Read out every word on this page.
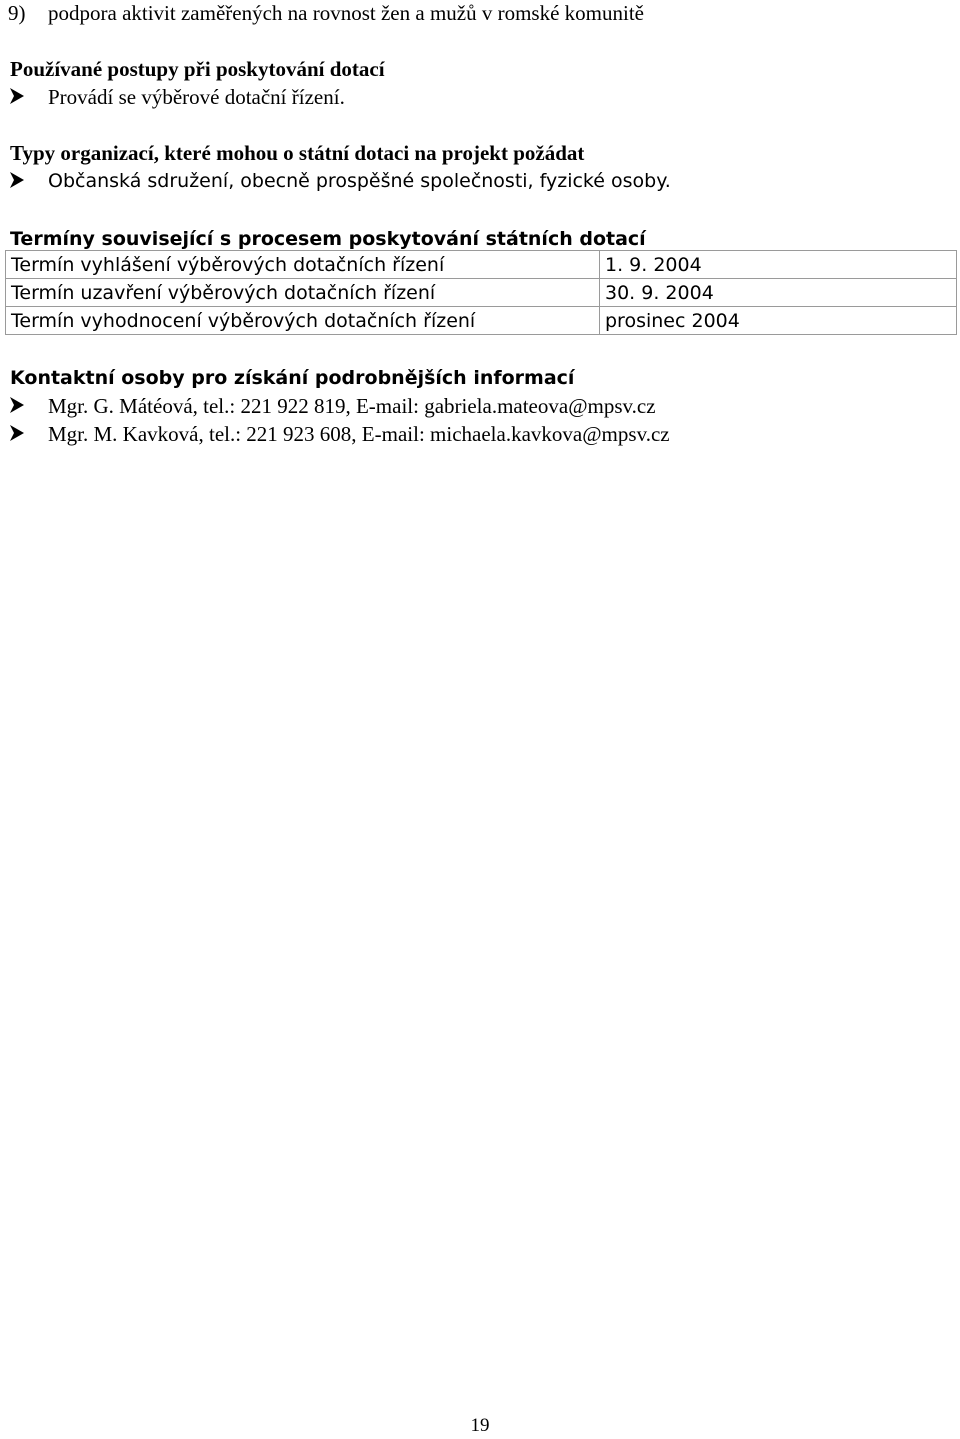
9) podpora aktivit zaměřených na rovnost žen a mužů v romské komunitě
Používané postupy při poskytování dotací
Provádí se výběrové dotační řízení.
Typy organizací, které mohou o státní dotaci na projekt požádat
Občanská sdružení, obecně prospěšné společnosti, fyzické osoby.
Termíny související s procesem poskytování státních dotací
Termín vyhlášení výběrových dotačních řízení	1. 9. 2004
Termín uzavření výběrových dotačních řízení	30. 9. 2004
Termín vyhodnocení výběrových dotačních řízení	prosinec 2004
Kontaktní osoby pro získání podrobnějších informací
Mgr. G. Mátéová, tel.: 221 922 819, E-mail: gabriela.mateova@mpsv.cz
Mgr. M. Kavková, tel.: 221 923 608, E-mail: michaela.kavkova@mpsv.cz
19
